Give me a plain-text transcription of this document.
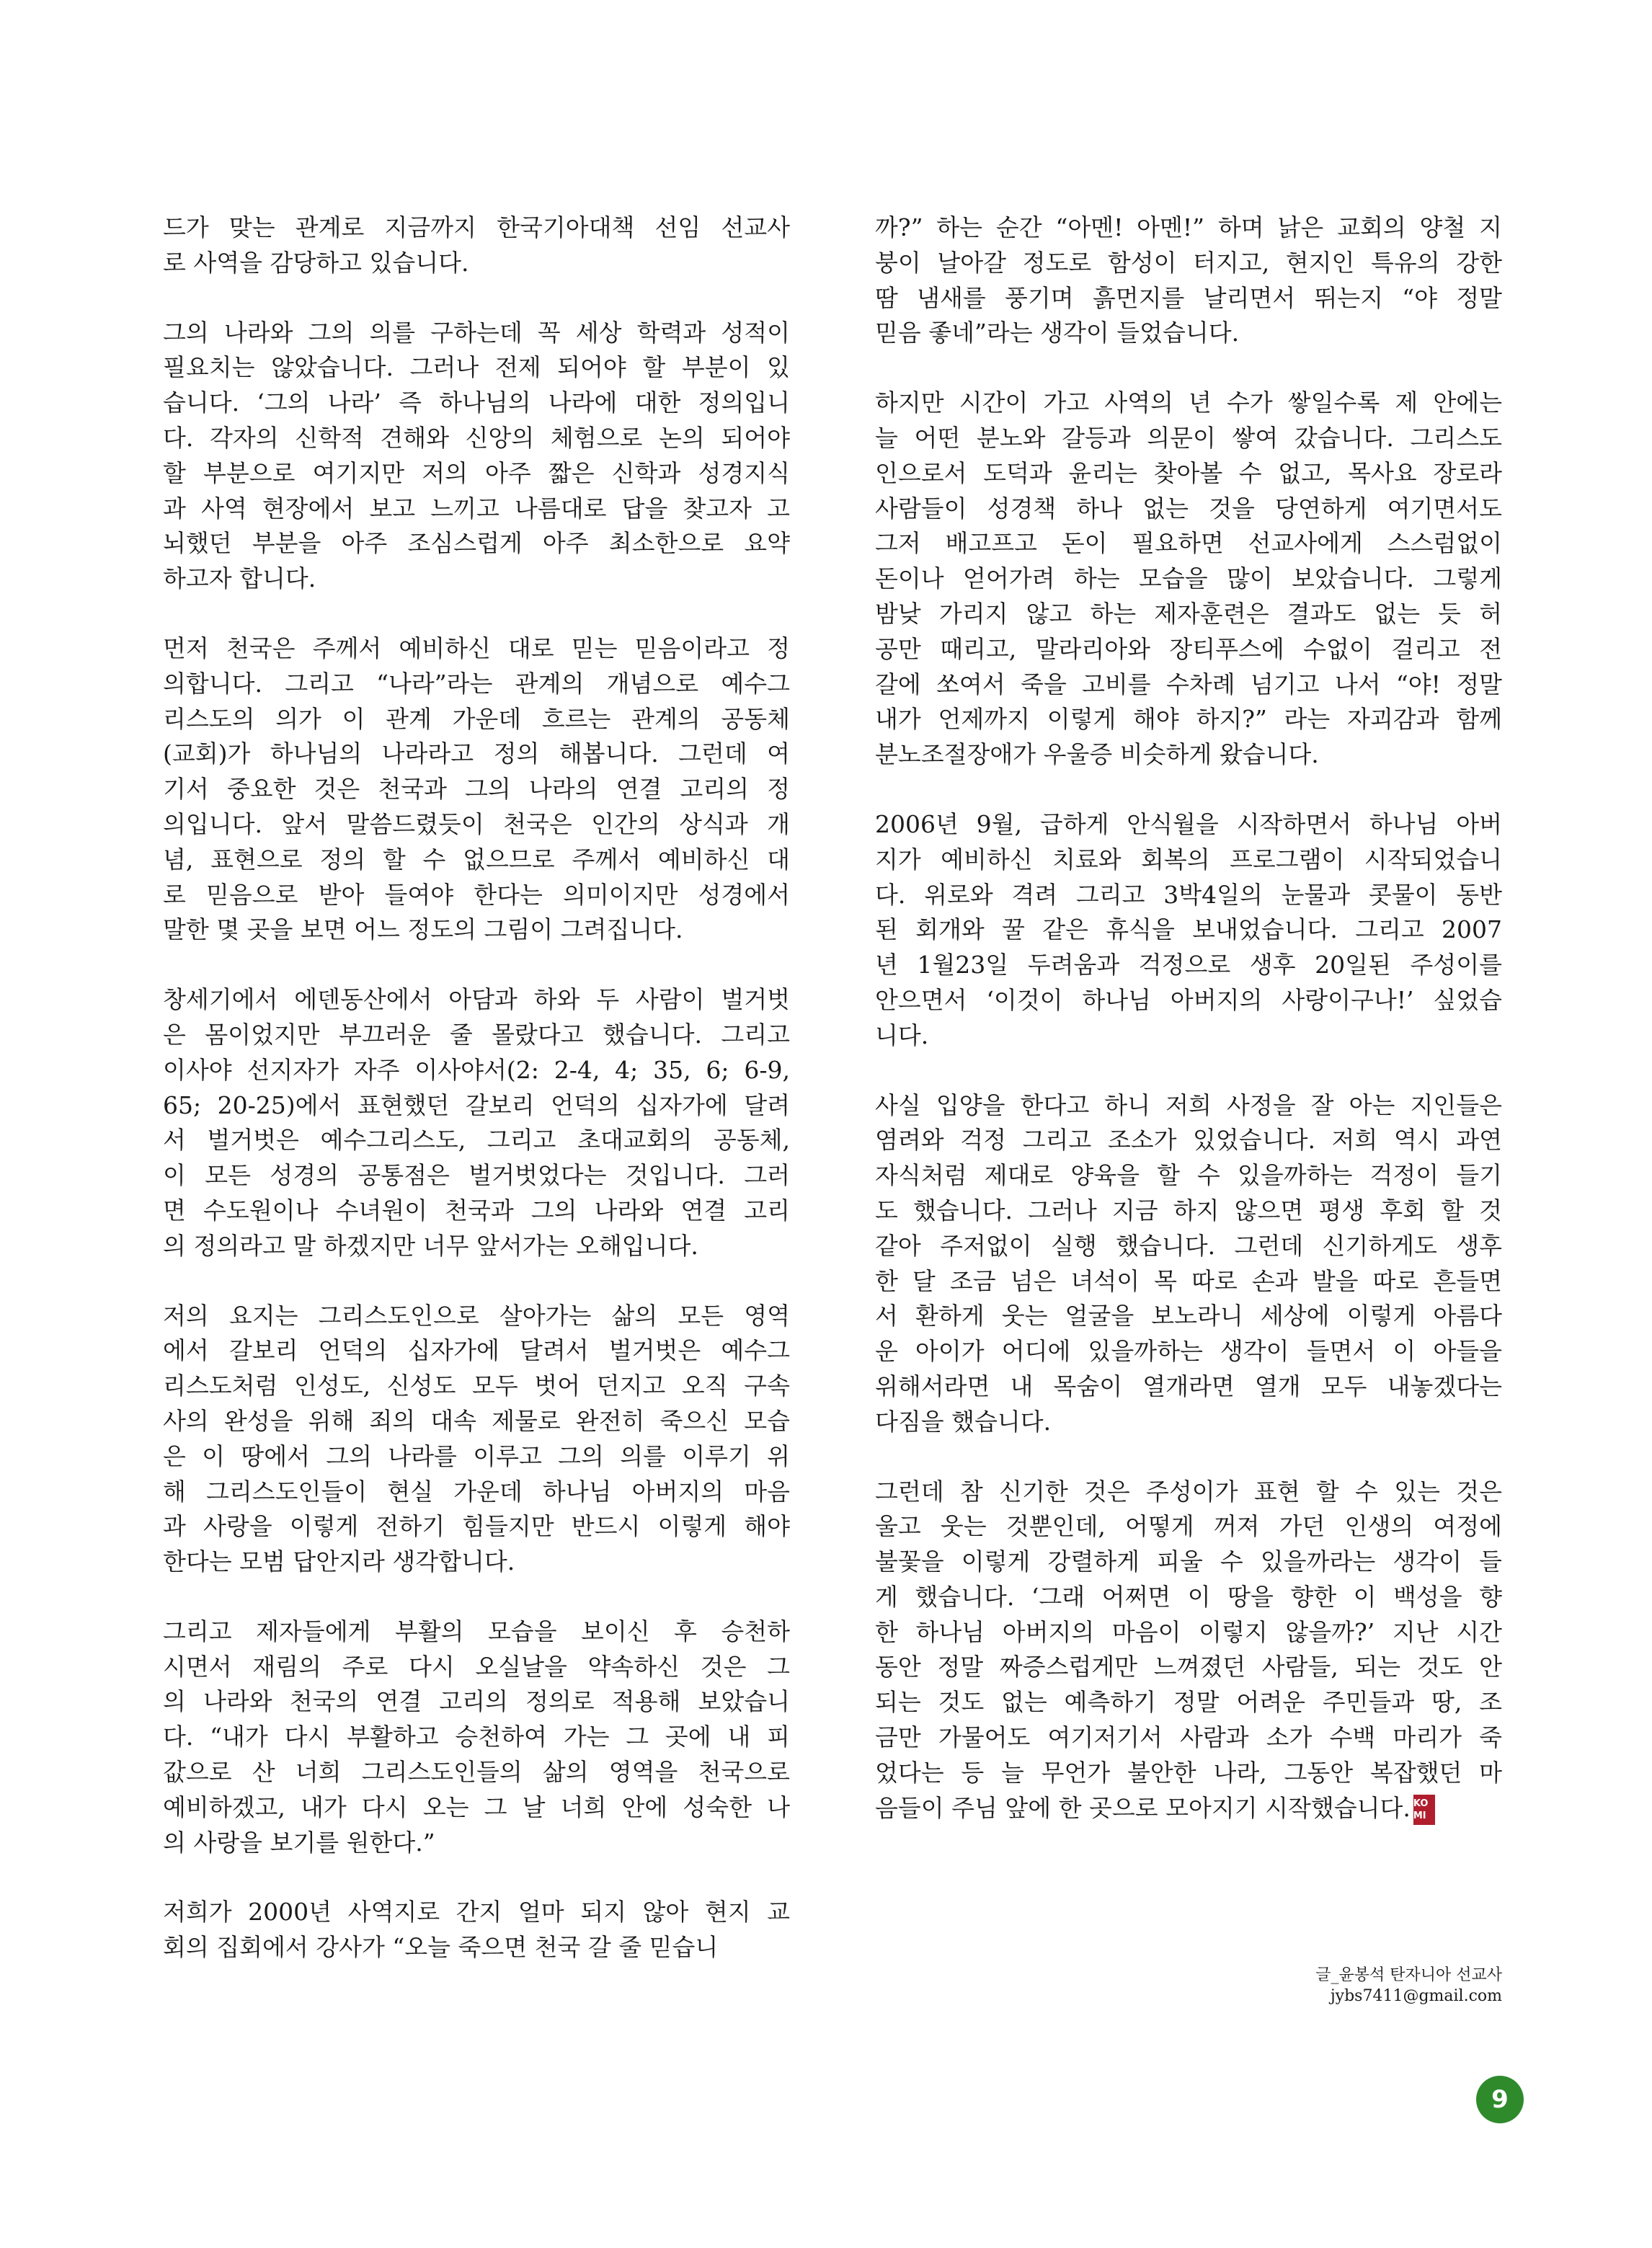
드가 맞는 관계로 지금까지 한국기아대책 선임 선교사
로 사역을 감당하고 있습니다.

그의 나라와 그의 의를 구하는데 꼭 세상 학력과 성적이
필요치는 않았습니다. 그러나 전제 되어야 할 부분이 있
습니다. ‘그의 나라’ 즉 하나님의 나라에 대한 정의입니
다. 각자의 신학적 견해와 신앙의 체험으로 논의 되어야
할 부분으로 여기지만 저의 아주 짧은 신학과 성경지식
과 사역 현장에서 보고 느끼고 나름대로 답을 찾고자 고
뇌했던 부분을 아주 조심스럽게 아주 최소한으로 요약
하고자 합니다.

먼저 천국은 주께서 예비하신 대로 믿는 믿음이라고 정
의합니다. 그리고 “나라”라는 관계의 개념으로 예수그
리스도의 의가 이 관계 가운데 흐르는 관계의 공동체
(교회)가 하나님의 나라라고 정의 해봅니다. 그런데 여
기서 중요한 것은 천국과 그의 나라의 연결 고리의 정
의입니다. 앞서 말씀드렸듯이 천국은 인간의 상식과 개
념, 표현으로 정의 할 수 없으므로 주께서 예비하신 대
로 믿음으로 받아 들여야 한다는 의미이지만 성경에서
말한 몇 곳을 보면 어느 정도의 그림이 그려집니다.

창세기에서 에덴동산에서 아담과 하와 두 사람이 벌거벗
은 몸이었지만 부끄러운 줄 몰랐다고 했습니다. 그리고
이사야 선지자가 자주 이사야서(2: 2-4, 4; 35, 6; 6-9,
65; 20-25)에서 표현했던 갈보리 언덕의 십자가에 달려
서 벌거벗은 예수그리스도, 그리고 초대교회의 공동체,
이 모든 성경의 공통점은 벌거벗었다는 것입니다. 그러
면 수도원이나 수녀원이 천국과 그의 나라와 연결 고리
의 정의라고 말 하겠지만 너무 앞서가는 오해입니다.

저의 요지는 그리스도인으로 살아가는 삶의 모든 영역
에서 갈보리 언덕의 십자가에 달려서 벌거벗은 예수그
리스도처럼 인성도, 신성도 모두 벗어 던지고 오직 구속
사의 완성을 위해 죄의 대속 제물로 완전히 죽으신 모습
은 이 땅에서 그의 나라를 이루고 그의 의를 이루기 위
해 그리스도인들이 현실 가운데 하나님 아버지의 마음
과 사랑을 이렇게 전하기 힘들지만 반드시 이렇게 해야
한다는 모범 답안지라 생각합니다.

그리고 제자들에게 부활의 모습을 보이신 후 승천하
시면서 재림의 주로 다시 오실날을 약속하신 것은 그
의 나라와 천국의 연결 고리의 정의로 적용해 보았습니
다. “내가 다시 부활하고 승천하여 가는 그 곳에 내 피
값으로 산 너희 그리스도인들의 삶의 영역을 천국으로
예비하겠고, 내가 다시 오는 그 날 너희 안에 성숙한 나
의 사랑을 보기를 원한다.”

저희가 2000년 사역지로 간지 얼마 되지 않아 현지 교
회의 집회에서 강사가 “오늘 죽으면 천국 갈 줄 믿습니

까?” 하는 순간 “아멘! 아멘!” 하며 낡은 교회의 양철 지
붕이 날아갈 정도로 함성이 터지고, 현지인 특유의 강한
땀 냄새를 풍기며 흙먼지를 날리면서 뛰는지 “야 정말
믿음 좋네”라는 생각이 들었습니다.

하지만 시간이 가고 사역의 년 수가 쌓일수록 제 안에는
늘 어떤 분노와 갈등과 의문이 쌓여 갔습니다. 그리스도
인으로서 도덕과 윤리는 찾아볼 수 없고, 목사요 장로라
사람들이 성경책 하나 없는 것을 당연하게 여기면서도
그저 배고프고 돈이 필요하면 선교사에게 스스럼없이
돈이나 얻어가려 하는 모습을 많이 보았습니다. 그렇게
밤낮 가리지 않고 하는 제자훈련은 결과도 없는 듯 허
공만 때리고, 말라리아와 장티푸스에 수없이 걸리고 전
갈에 쏘여서 죽을 고비를 수차례 넘기고 나서 “야! 정말
내가 언제까지 이렇게 해야 하지?” 라는 자괴감과 함께
분노조절장애가 우울증 비슷하게 왔습니다.

2006년 9월, 급하게 안식월을 시작하면서 하나님 아버
지가 예비하신 치료와 회복의 프로그램이 시작되었습니
다. 위로와 격려 그리고 3박4일의 눈물과 콧물이 동반
된 회개와 꿀 같은 휴식을 보내었습니다. 그리고 2007
년 1월23일 두려움과 걱정으로 생후 20일된 주성이를
안으면서 ‘이것이 하나님 아버지의 사랑이구나!’ 싶었습
니다.

사실 입양을 한다고 하니 저희 사정을 잘 아는 지인들은
염려와 걱정 그리고 조소가 있었습니다. 저희 역시 과연
자식처럼 제대로 양육을 할 수 있을까하는 걱정이 들기
도 했습니다. 그러나 지금 하지 않으면 평생 후회 할 것
같아 주저없이 실행 했습니다. 그런데 신기하게도 생후
한 달 조금 넘은 녀석이 목 따로 손과 발을 따로 흔들면
서 환하게 웃는 얼굴을 보노라니 세상에 이렇게 아름다
운 아이가 어디에 있을까하는 생각이 들면서 이 아들을
위해서라면 내 목숨이 열개라면 열개 모두 내놓겠다는
다짐을 했습니다.

그런데 참 신기한 것은 주성이가 표현 할 수 있는 것은
울고 웃는 것뿐인데, 어떻게 꺼져 가던 인생의 여정에
불꽃을 이렇게 강렬하게 피울 수 있을까라는 생각이 들
게 했습니다. ‘그래 어쩌면 이 땅을 향한 이 백성을 향
한 하나님 아버지의 마음이 이렇지 않을까?’ 지난 시간
동안 정말 짜증스럽게만 느껴졌던 사람들, 되는 것도 안
되는 것도 없는 예측하기 정말 어려운 주민들과 땅, 조
금만 가물어도 여기저기서 사람과 소가 수백 마리가 죽
었다는 등 늘 무언가 불안한 나라, 그동안 복잡했던 마
음들이 주님 앞에 한 곳으로 모아지기 시작했습니다. KO
MI

글_윤봉석 탄자니아 선교사
jybs7411@gmail.com
9
